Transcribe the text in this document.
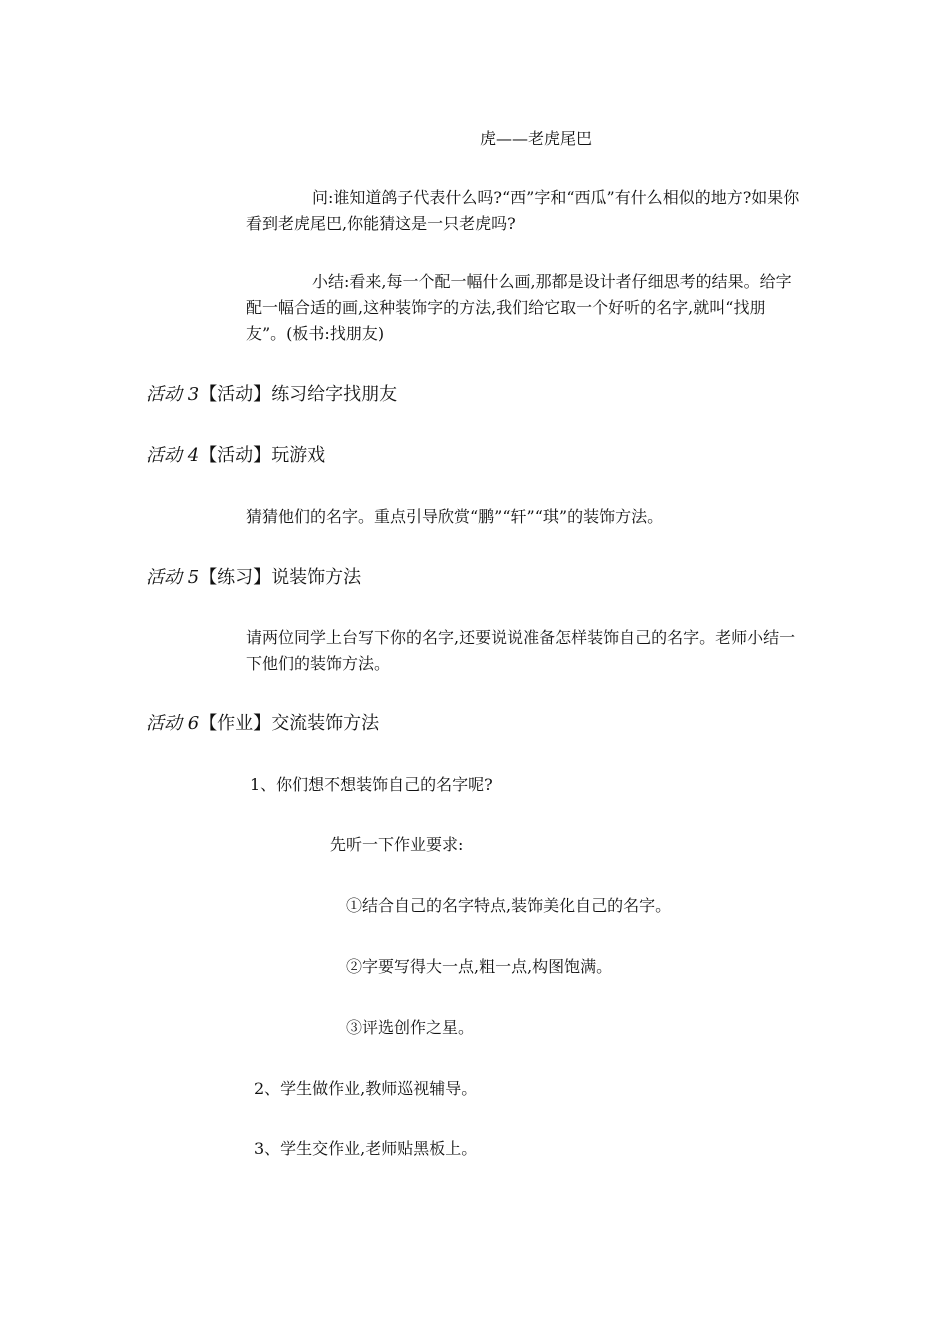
虎——老虎尾巴
问:谁知道鸽子代表什么吗?“西”字和“西瓜”有什么相似的地方?如果你看到老虎尾巴,你能猜这是一只老虎吗?
小结:看来,每一个配一幅什么画,那都是设计者仔细思考的结果。给字配一幅合适的画,这种装饰字的方法,我们给它取一个好听的名字,就叫“找朋友”。(板书:找朋友)
活动 3【活动】练习给字找朋友
活动 4【活动】玩游戏
猜猜他们的名字。重点引导欣赏“鹏”“轩”“琪”的装饰方法。
活动 5【练习】说装饰方法
请两位同学上台写下你的名字,还要说说准备怎样装饰自己的名字。老师小结一下他们的装饰方法。
活动 6【作业】交流装饰方法
1、你们想不想装饰自己的名字呢?
先听一下作业要求:
①结合自己的名字特点,装饰美化自己的名字。
②字要写得大一点,粗一点,构图饱满。
③评选创作之星。
2、学生做作业,教师巡视辅导。
3、学生交作业,老师贴黑板上。
